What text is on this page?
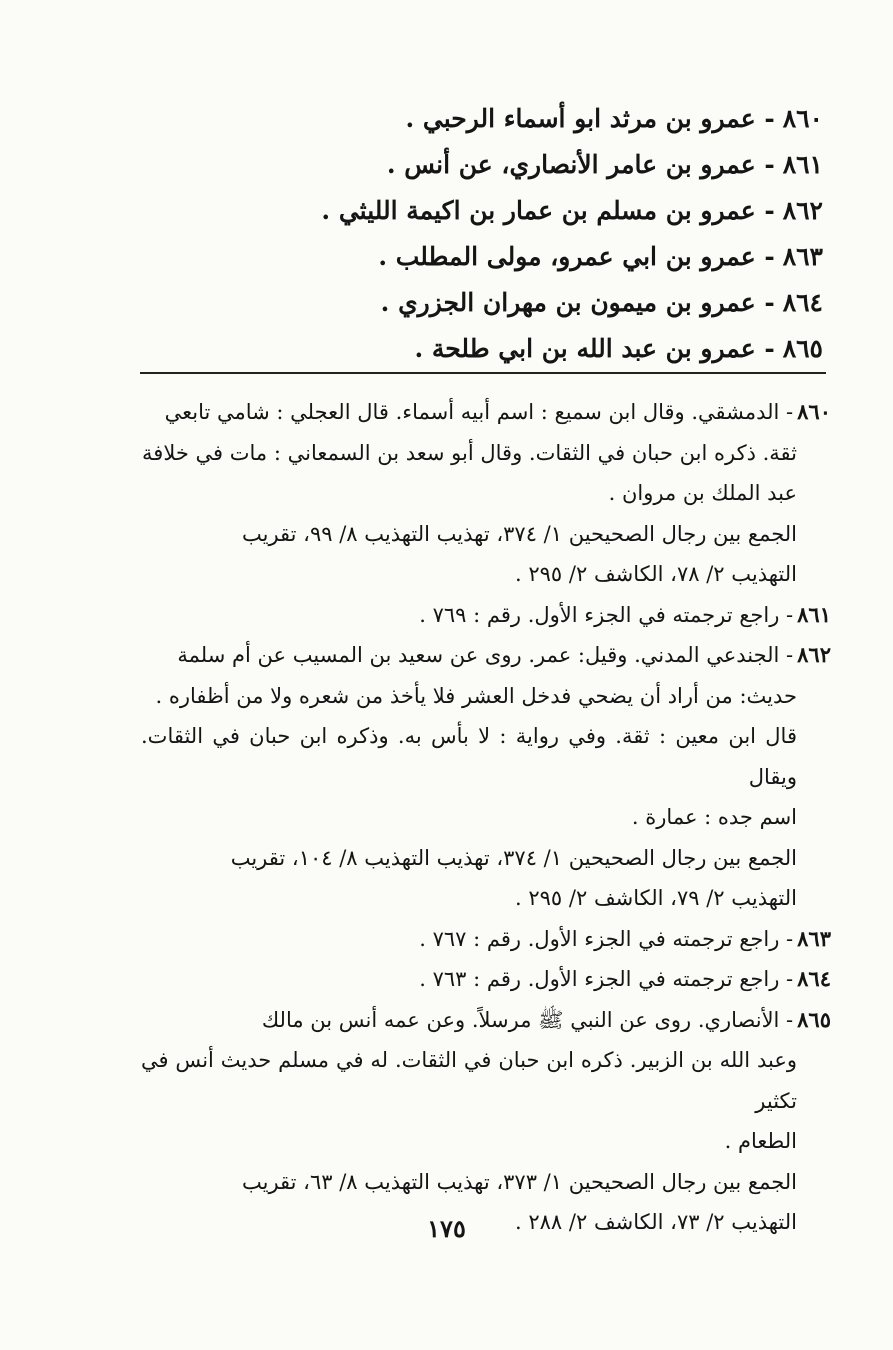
٨٦٠- عمرو بن مرثد ابو أسماء الرحبي .
٨٦١- عمرو بن عامر الأنصاري، عن أنس .
٨٦٢- عمرو بن مسلم بن عمار بن اكيمة الليثي .
٨٦٣- عمرو بن ابي عمرو، مولى المطلب .
٨٦٤- عمرو بن ميمون بن مهران الجزري .
٨٦٥- عمرو بن عبد الله بن ابي طلحة .

٨٦٠- الدمشقي. وقال ابن سميع : اسم أبيه أسماء. قال العجلي : شامي تابعي

ثقة. ذكره ابن حبان في الثقات. وقال أبو سعد بن السمعاني : مات في خلافة

عبد الملك بن مروان .

الجمع بين رجال الصحيحين ١/ ٣٧٤، تهذيب التهذيب ٨/ ٩٩، تقريب

التهذيب ٢/ ٧٨، الكاشف ٢/ ٢٩٥ .

٨٦١- راجع ترجمته في الجزء الأول. رقم : ٧٦٩ .

٨٦٢- الجندعي المدني. وقيل: عمر. روى عن سعيد بن المسيب عن أم سلمة

حديث: من أراد أن يضحي فدخل العشر فلا يأخذ من شعره ولا من أظفاره .

قال ابن معين : ثقة. وفي رواية : لا بأس به. وذكره ابن حبان في الثقات. ويقال

اسم جده : عمارة .

الجمع بين رجال الصحيحين ١/ ٣٧٤، تهذيب التهذيب ٨/ ١٠٤، تقريب

التهذيب ٢/ ٧٩، الكاشف ٢/ ٢٩٥ .

٨٦٣- راجع ترجمته في الجزء الأول. رقم : ٧٦٧ .

٨٦٤- راجع ترجمته في الجزء الأول. رقم : ٧٦٣ .

٨٦٥- الأنصاري. روى عن النبي ﷺ مرسلاً. وعن عمه أنس بن مالك

وعبد الله بن الزبير. ذكره ابن حبان في الثقات. له في مسلم حديث أنس في تكثير

الطعام .

الجمع بين رجال الصحيحين ١/ ٣٧٣، تهذيب التهذيب ٨/ ٦٣، تقريب

التهذيب ٢/ ٧٣، الكاشف ٢/ ٢٨٨ .

١٧٥
